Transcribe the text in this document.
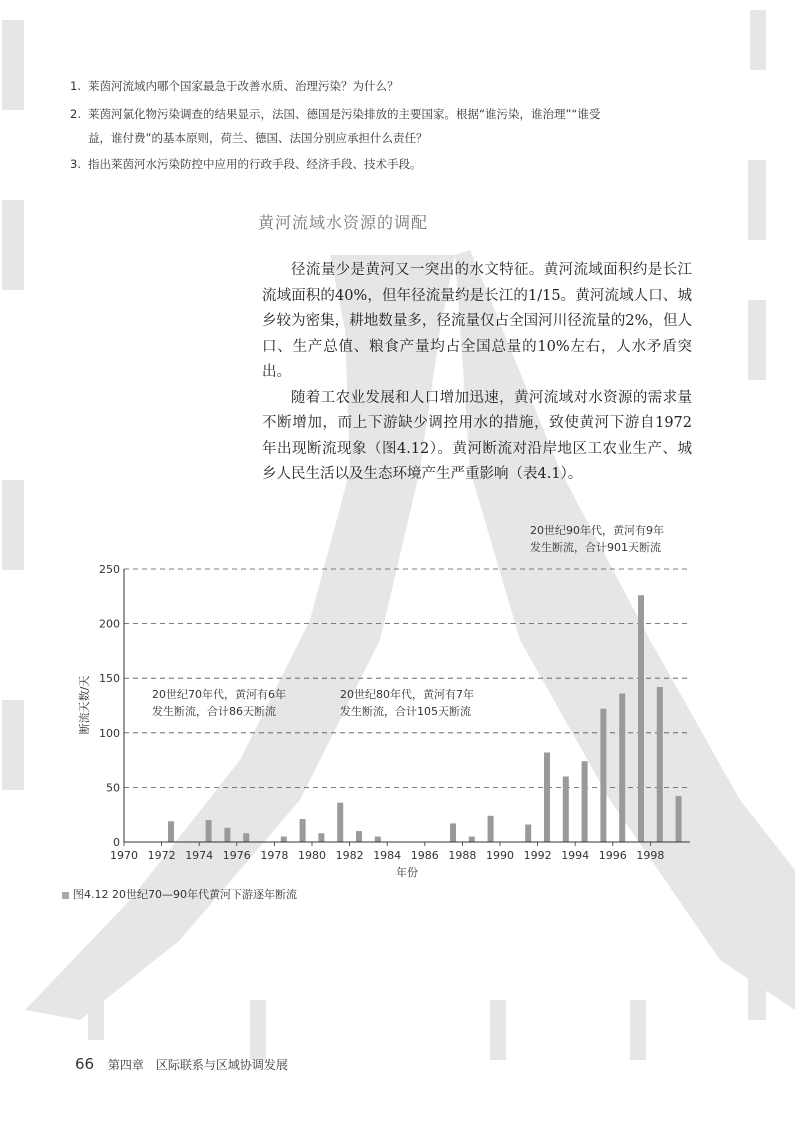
1. 莱茵河流域内哪个国家最急于改善水质、治理污染？为什么？
2. 莱茵河氯化物污染调查的结果显示，法国、德国是污染排放的主要国家。根据“谁污染，谁治理”“谁受
益，谁付费”的基本原则，荷兰、德国、法国分别应承担什么责任？
3. 指出莱茵河水污染防控中应用的行政手段、经济手段、技术手段。
黄河流域水资源的调配

径流量少是黄河又一突出的水文特征。黄河流域面积约是长江流域面积的40%，但年径流量约是长江的1/15。黄河流域人口、城乡较为密集，耕地数量多，径流量仅占全国河川径流量的2%，但人口、生产总值、粮食产量均占全国总量的10%左右，人水矛盾突出。

随着工农业发展和人口增加迅速，黄河流域对水资源的需求量不断增加，而上下游缺少调控用水的措施，致使黄河下游自1972 年出现断流现象（图4.12）。黄河断流对沿岸地区工农业生产、城乡人民生活以及生态环境产生严重影响（表4.1）。

20世纪90年代，黄河有9年
发生断流，合计901天断流
1970 1972 1974 1976 1978 1980 1982 1984 1986 1988 1990 1992 1994 1996 1998
0
50
100
150
200
250
断流天数/天
年份
20世纪70年代，黄河有6年
发生断流，合计86天断流
20世纪80年代，黄河有7年
发生断流，合计105天断流
图4.12 20世纪70—90年代黄河下游逐年断流
66 第四章　区际联系与区域协调发展
